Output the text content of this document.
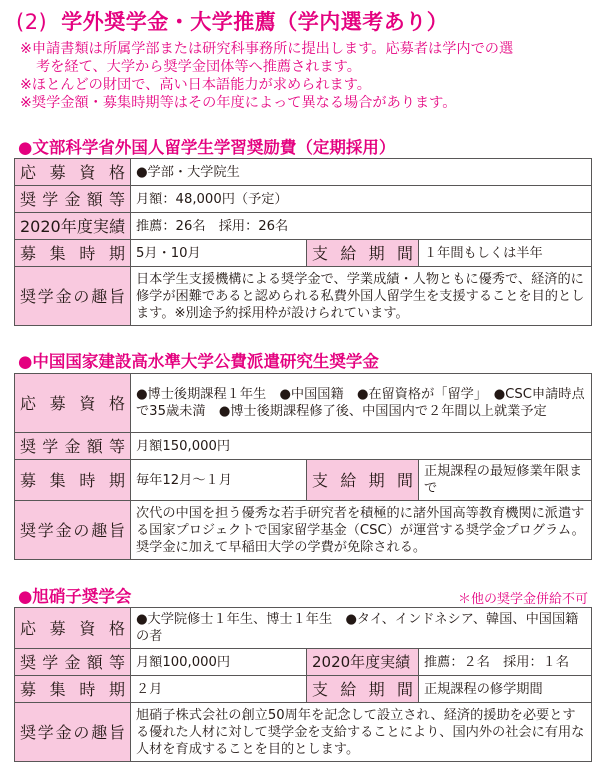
(2) 学外奨学金・大学推薦（学内選考あり）
※申請書類は所属学部または研究科事務所に提出します。応募者は学内での選
考を経て、大学から奨学金団体等へ推薦されます。
※ほとんどの財団で、高い日本語能力が求められます。
※奨学金額・募集時期等はその年度によって異なる場合があります。
●文部科学省外国人留学生学習奨励費（定期採用）
応募資格	●学部・大学院生		
奨学金額等	月額：48,000円（予定）		
2020年度実績	推薦：26名　採用：26名		
募集時期	5月・10月	支給期間	１年間もしくは半年
奨学金の趣旨	日本学生支援機構による奨学金で、学業成績・人物ともに優秀で、経済的に修学が困難であると認められる私費外国人留学生を支援することを目的とします。※別途予約採用枠が設けられています。		
●中国国家建設高水準大学公費派遣研究生奨学金
応募資格	●博士後期課程１年生　●中国国籍　●在留資格が「留学」　●CSC申請時点で35歳未満　●博士後期課程修了後、中国国内で２年間以上就業予定		
奨学金額等	月額150,000円		
募集時期	毎年12月～１月	支給期間	正規課程の最短修業年限まで
奨学金の趣旨	次代の中国を担う優秀な若手研究者を積極的に諸外国高等教育機関に派遣する国家プロジェクトで国家留学基金（CSC）が運営する奨学金プログラム。奨学金に加えて早稲田大学の学費が免除される。		
●旭硝子奨学会	＊他の奨学金併給不可
応募資格	●大学院修士１年生、博士１年生　●タイ、インドネシア、韓国、中国国籍の者		
奨学金額等	月額100,000円	2020年度実績	推薦：２名　採用：１名
募集時期	２月	支給期間	正規課程の修学期間
奨学金の趣旨	旭硝子株式会社の創立50周年を記念して設立され、経済的援助を必要とする優れた人材に対して奨学金を支給することにより、国内外の社会に有用な人材を育成することを目的とします。		
